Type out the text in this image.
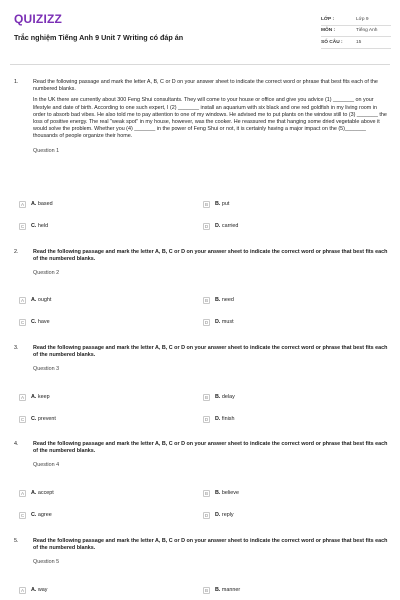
QUIZIZZ
Trắc nghiệm Tiếng Anh 9 Unit 7 Writing có đáp án
LỚP :	Lớp 9
MÔN :	Tiếng Anh
SỐ CÂU :	15
1.	Read the following passage and mark the letter A, B, C or D on your answer sheet to indicate the correct word or phrase that best fits each of the numbered blanks.

In the UK there are currently about 300 Feng Shui consultants. They will come to your house or office and give you advice (1) _______ on your lifestyle and date of birth. According to one such expert, I (2) _______ install an aquarium with six black and one red goldfish in my living room in order to absorb bad vibes. He also told me to pay attention to one of my windows. He advised me to put plants on the window still to (3) _______ the loss of positive energy. The real "weak spot" in my house, however, was the cooker. He reassured me that hanging some dried vegetable above it would solve the problem. Whether you (4) _______ in the power of Feng Shui or not, it is certainly having a major impact on the (5)_______ thousands of people organize their home.

Question 1
A	A. based	B	B. put
C	C. held	D	D. carried
2.	Read the following passage and mark the letter A, B, C or D on your answer sheet to indicate the correct word or phrase that best fits each of the numbered blanks.

Question 2
A	A. ought	B	B. need
C	C. have	D	D. must
3.	Read the following passage and mark the letter A, B, C or D on your answer sheet to indicate the correct word or phrase that best fits each of the numbered blanks.

Question 3
A	A. keep	B	B. delay
C	C. prevent	D	D. finish
4.	Read the following passage and mark the letter A, B, C or D on your answer sheet to indicate the correct word or phrase that best fits each of the numbered blanks.

Question 4
A	A. accept	B	B. believe
C	C. agree	D	D. reply
5.	Read the following passage and mark the letter A, B, C or D on your answer sheet to indicate the correct word or phrase that best fits each of the numbered blanks.

Question 5
A	A. way	B	B. manner
